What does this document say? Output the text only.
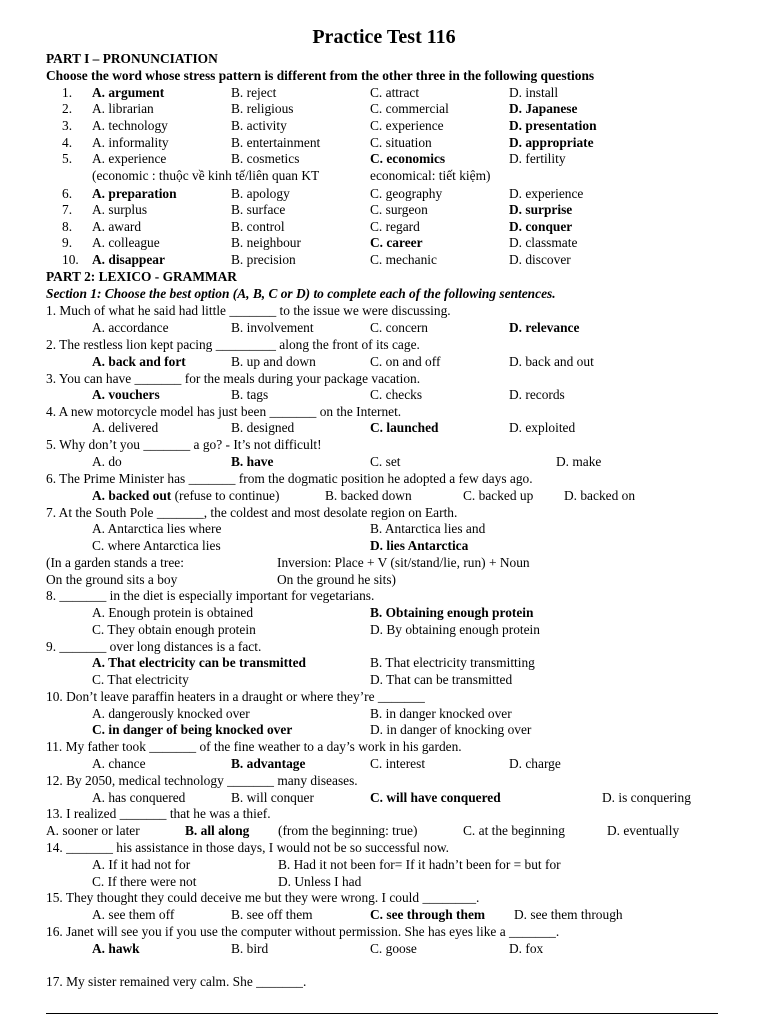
Practice Test 116
PART I – PRONUNCIATION
Choose the word whose stress pattern is different from the other three in the following questions
1. A. argument	B. reject	C. attract	D. install
2. A. librarian	B. religious	C. commercial	D. Japanese
3. A. technology	B. activity	C. experience	D. presentation
4. A. informality	B. entertainment	C. situation	D. appropriate
5. A. experience	B. cosmetics	C. economics	D. fertility
6. A. preparation	B. apology	C. geography	D. experience
7. A. surplus	B. surface	C. surgeon	D. surprise
8. A. award	B. control	C. regard	D. conquer
9. A. colleague	B. neighbour	C. career	D. classmate
10. A. disappear	B. precision	C. mechanic	D. discover
(economic : thuộc về kinh tế/liên quan KT	economical: tiết kiệm)
PART 2: LEXICO - GRAMMAR
Section 1: Choose the best option (A, B, C or D) to complete each of the following sentences.
1. Much of what he said had little _______ to the issue we were discussing.
A. accordance	B. involvement	C. concern	D. relevance
2. The restless lion kept pacing _________ along the front of its cage.
A. back and fort	B. up and down	C. on and off	D. back and out
3. You can have _______ for the meals during your package vacation.
A. vouchers	B. tags	C. checks	D. records
4. A new motorcycle model has just been _______ on the Internet.
A. delivered	B. designed	C. launched	D. exploited
5. Why don’t you _______ a go? - It’s not difficult!
A. do	B. have	C. set	D. make
6. The Prime Minister has _______ from the dogmatic position he adopted a few days ago.
A. backed out (refuse to continue)	B. backed down	C. backed up D. backed on
7. At the South Pole _______, the coldest and most desolate region on Earth.
A. Antarctica lies where	B. Antarctica lies and
C. where Antarctica lies	D. lies Antarctica
(In a garden stands a tree:	Inversion: Place + V (sit/stand/lie, run) + Noun
On the ground sits a boy	On the ground he sits)
8. _______ in the diet is especially important for vegetarians.
A. Enough protein is obtained	B. Obtaining enough protein
C. They obtain enough protein	D. By obtaining enough protein
9. _______ over long distances is a fact.
A. That electricity can be transmitted	B. That electricity transmitting
C. That electricity	D. That can be transmitted
10. Don’t leave paraffin heaters in a draught or where they’re _______
A. dangerously knocked over	B. in danger knocked over
C. in danger of being knocked over	D. in danger of knocking over
11. My father took _______ of the fine weather to a day’s work in his garden.
A. chance	B. advantage	C. interest	D. charge
12. By 2050, medical technology _______ many diseases.
A. has conquered	B. will conquer	C. will have conquered	D. is conquering
13. I realized _______ that he was a thief.
A. sooner or later	B. all along (from the beginning: true)	C. at the beginning	D. eventually
14. _______ his assistance in those days, I would not be so successful now.
A. If it had not for	B. Had it not been for= If it hadn’t been for = but for
C. If there were not	D. Unless I had
15. They thought they could deceive me but they were wrong. I could ________.
A. see them off	B. see off them	C. see through them D. see them through
16. Janet will see you if you use the computer without permission. She has eyes like a _______.
A. hawk	B. bird	C. goose	D. fox
17. My sister remained very calm. She _______.
